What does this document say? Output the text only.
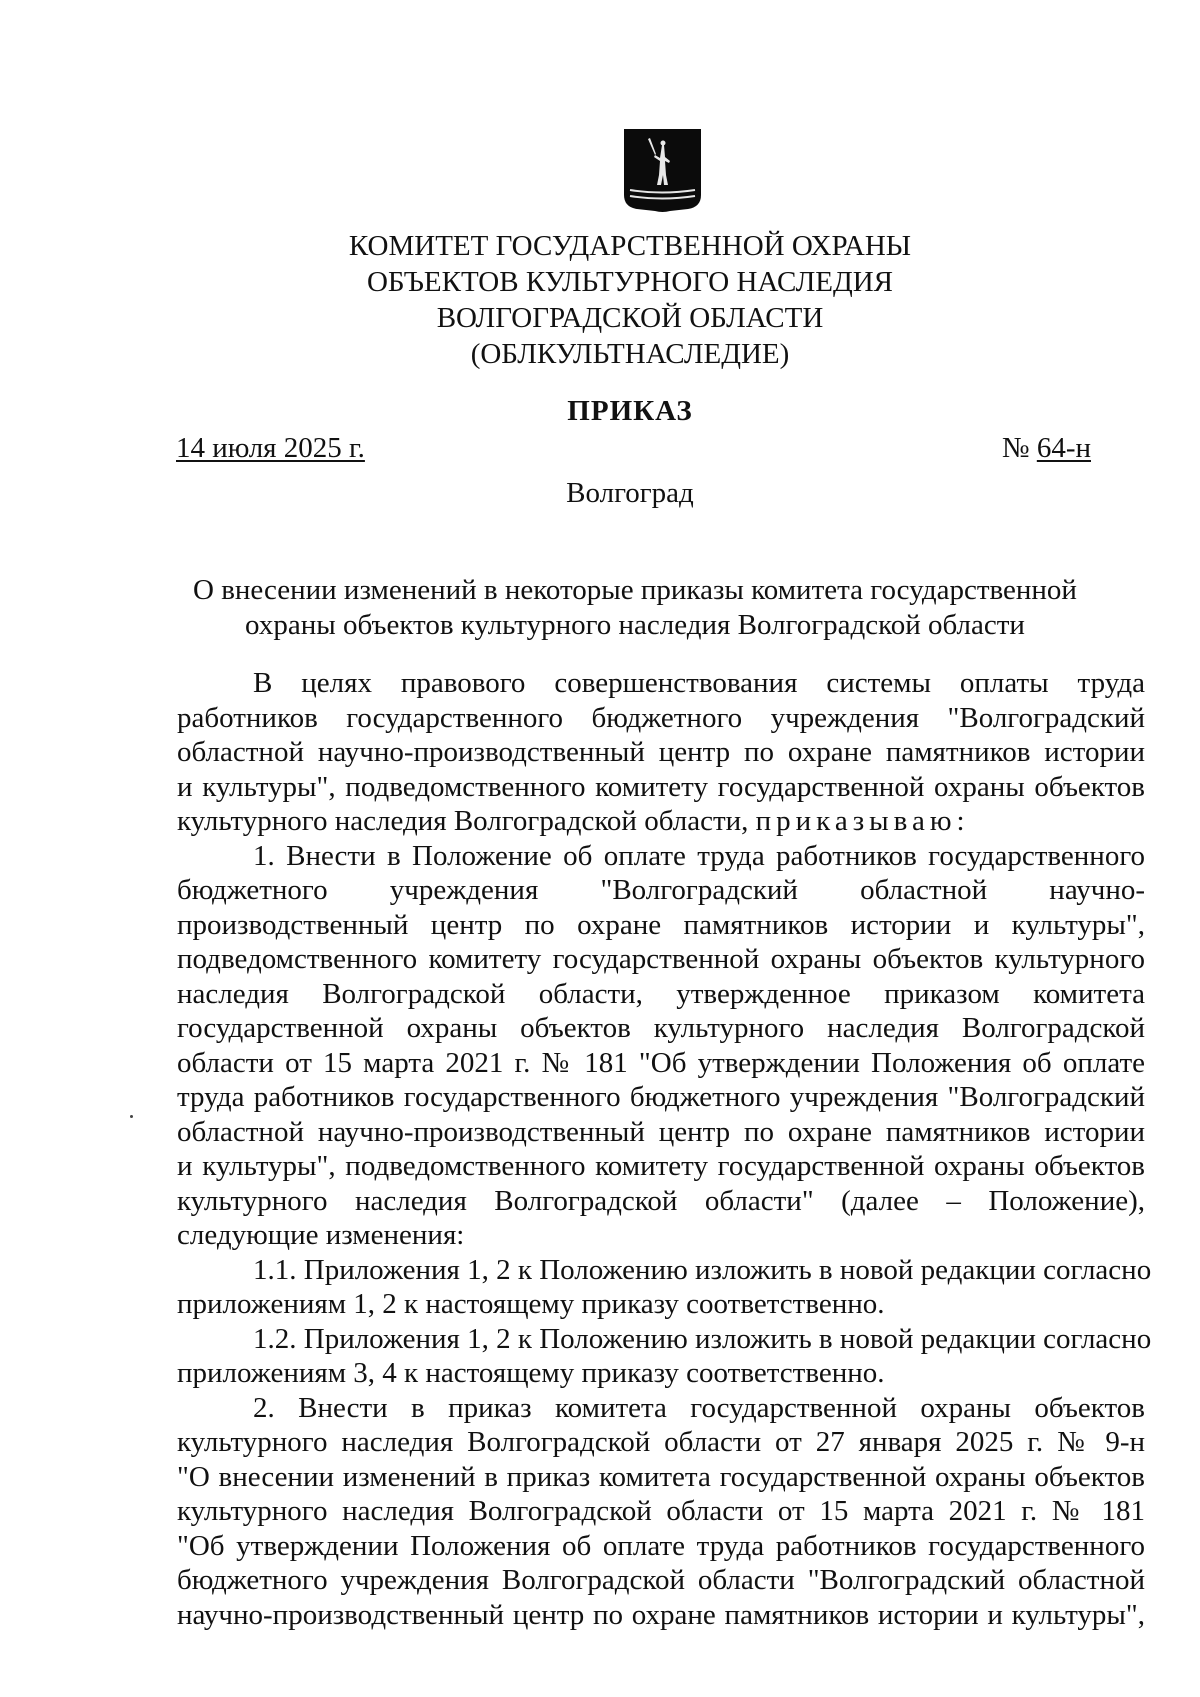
КОМИТЕТ ГОСУДАРСТВЕННОЙ ОХРАНЫ
ОБЪЕКТОВ КУЛЬТУРНОГО НАСЛЕДИЯ
ВОЛГОГРАДСКОЙ ОБЛАСТИ
(ОБЛКУЛЬТНАСЛЕДИЕ)
ПРИКАЗ
14 июля 2025 г.	№ 64-н
Волгоград
О внесении изменений в некоторые приказы комитета государственной
охраны объектов культурного наследия Волгоградской области
В целях правового совершенствования системы оплаты труда
работников государственного бюджетного учреждения "Волгоградский
областной научно-производственный центр по охране памятников истории
и культуры", подведомственного комитету государственной охраны объектов
культурного наследия Волгоградской области, приказываю:
1. Внести в Положение об оплате труда работников государственного
бюджетного учреждения "Волгоградский областной научно-
производственный центр по охране памятников истории и культуры",
подведомственного комитету государственной охраны объектов культурного
наследия Волгоградской области, утвержденное приказом комитета
государственной охраны объектов культурного наследия Волгоградской
области от 15 марта 2021 г. № 181 "Об утверждении Положения об оплате
труда работников государственного бюджетного учреждения "Волгоградский
областной научно-производственный центр по охране памятников истории
и культуры", подведомственного комитету государственной охраны объектов
культурного наследия Волгоградской области" (далее – Положение),
следующие изменения:
1.1. Приложения 1, 2 к Положению изложить в новой редакции согласно
приложениям 1, 2 к настоящему приказу соответственно.
1.2. Приложения 1, 2 к Положению изложить в новой редакции согласно
приложениям 3, 4 к настоящему приказу соответственно.
2. Внести в приказ комитета государственной охраны объектов
культурного наследия Волгоградской области от 27 января 2025 г. № 9-н
"О внесении изменений в приказ комитета государственной охраны объектов
культурного наследия Волгоградской области от 15 марта 2021 г. № 181
"Об утверждении Положения об оплате труда работников государственного
бюджетного учреждения Волгоградской области "Волгоградский областной
научно-производственный центр по охране памятников истории и культуры",
